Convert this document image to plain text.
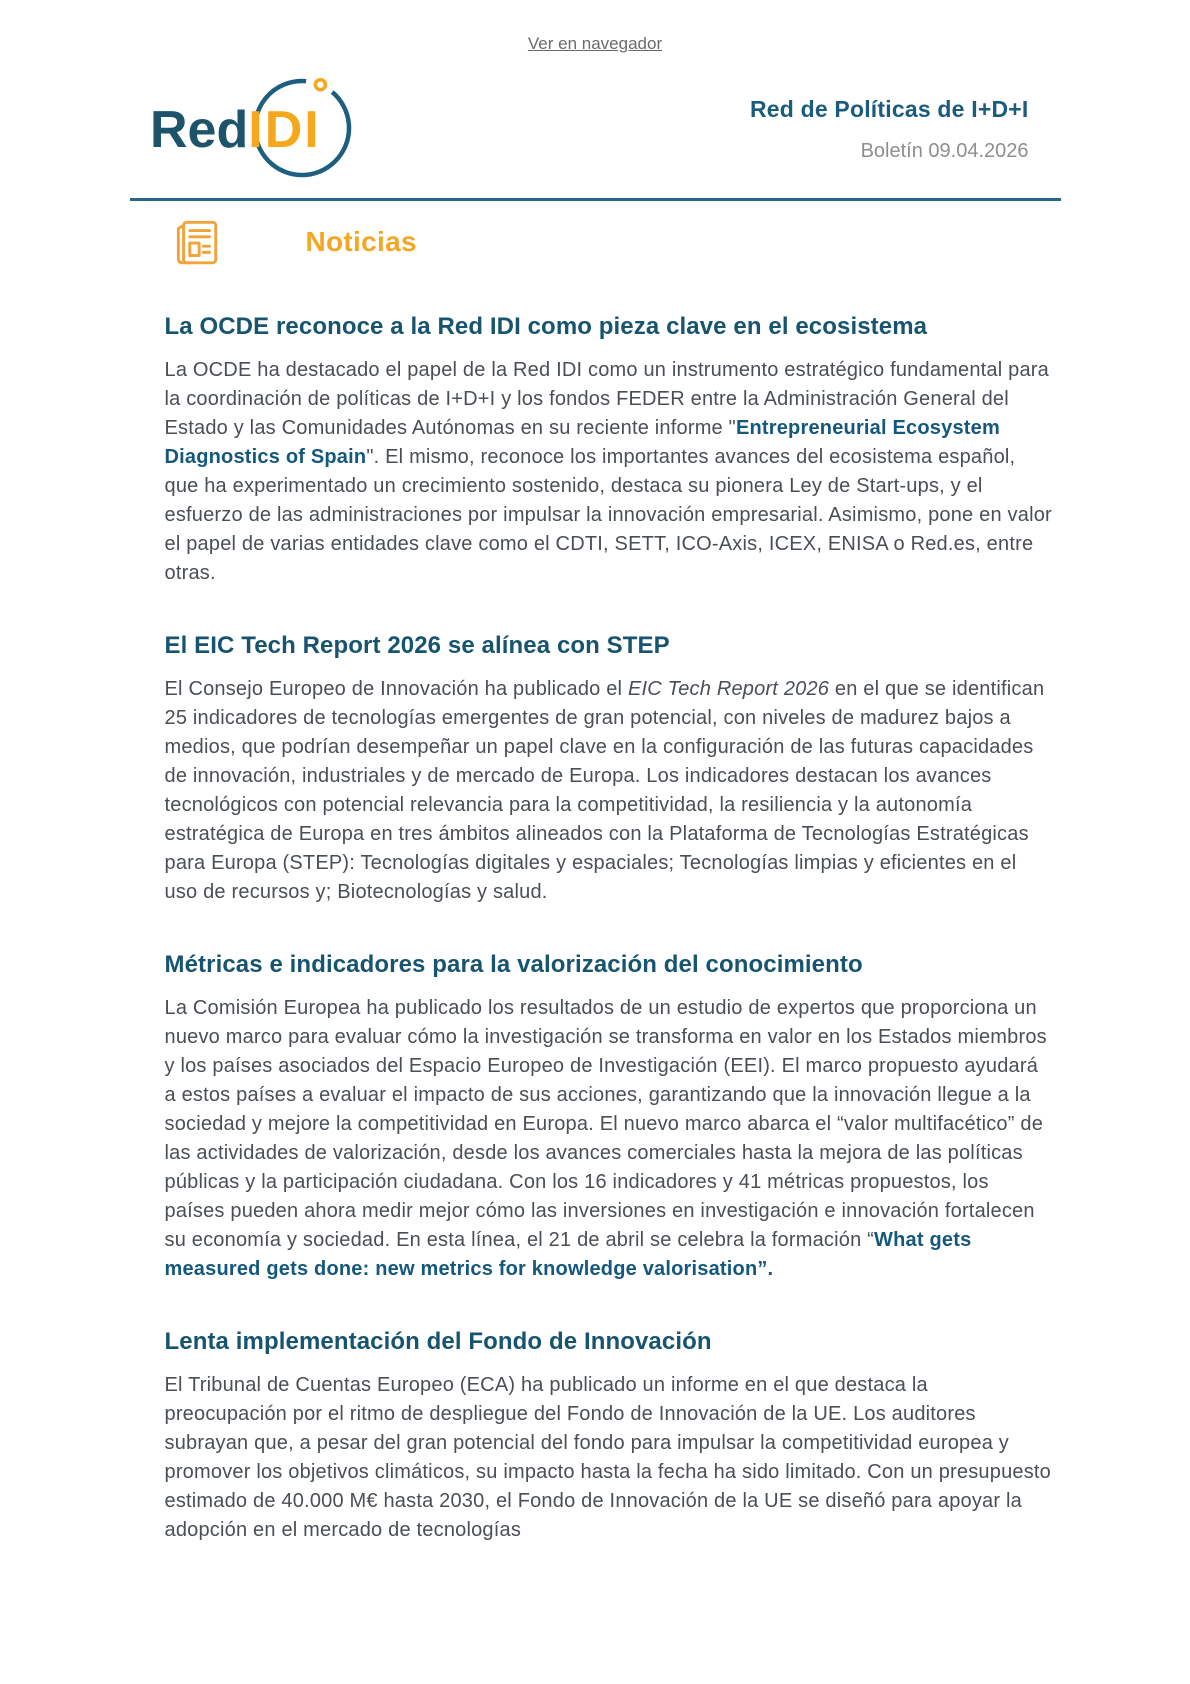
Ver en navegador
RedIDI	Red de Políticas de I+D+I
Boletín 09.04.2026
Noticias
La OCDE reconoce a la Red IDI como pieza clave en el ecosistema

La OCDE ha destacado el papel de la Red IDI como un instrumento estratégico fundamental para la coordinación de políticas de I+D+I y los fondos FEDER entre la Administración General del Estado y las Comunidades Autónomas en su reciente informe "Entrepreneurial Ecosystem Diagnostics of Spain". El mismo, reconoce los importantes avances del ecosistema español, que ha experimentado un crecimiento sostenido, destaca su pionera Ley de Start-ups, y el esfuerzo de las administraciones por impulsar la innovación empresarial. Asimismo, pone en valor el papel de varias entidades clave como el CDTI, SETT, ICO-Axis, ICEX, ENISA o Red.es, entre otras.

El EIC Tech Report 2026 se alínea con STEP

El Consejo Europeo de Innovación ha publicado el EIC Tech Report 2026 en el que se identifican 25 indicadores de tecnologías emergentes de gran potencial, con niveles de madurez bajos a medios, que podrían desempeñar un papel clave en la configuración de las futuras capacidades de innovación, industriales y de mercado de Europa. Los indicadores destacan los avances tecnológicos con potencial relevancia para la competitividad, la resiliencia y la autonomía estratégica de Europa en tres ámbitos alineados con la Plataforma de Tecnologías Estratégicas para Europa (STEP): Tecnologías digitales y espaciales; Tecnologías limpias y eficientes en el uso de recursos y; Biotecnologías y salud.

Métricas e indicadores para la valorización del conocimiento

La Comisión Europea ha publicado los resultados de un estudio de expertos que proporciona un nuevo marco para evaluar cómo la investigación se transforma en valor en los Estados miembros y los países asociados del Espacio Europeo de Investigación (EEI). El marco propuesto ayudará a estos países a evaluar el impacto de sus acciones, garantizando que la innovación llegue a la sociedad y mejore la competitividad en Europa. El nuevo marco abarca el “valor multifacético” de las actividades de valorización, desde los avances comerciales hasta la mejora de las políticas públicas y la participación ciudadana. Con los 16 indicadores y 41 métricas propuestos, los países pueden ahora medir mejor cómo las inversiones en investigación e innovación fortalecen su economía y sociedad. En esta línea, el 21 de abril se celebra la formación “What gets measured gets done: new metrics for knowledge valorisation”.

Lenta implementación del Fondo de Innovación

El Tribunal de Cuentas Europeo (ECA) ha publicado un informe en el que destaca la preocupación por el ritmo de despliegue del Fondo de Innovación de la UE. Los auditores subrayan que, a pesar del gran potencial del fondo para impulsar la competitividad europea y promover los objetivos climáticos, su impacto hasta la fecha ha sido limitado. Con un presupuesto estimado de 40.000 M€ hasta 2030, el Fondo de Innovación de la UE se diseñó para apoyar la adopción en el mercado de tecnologías
